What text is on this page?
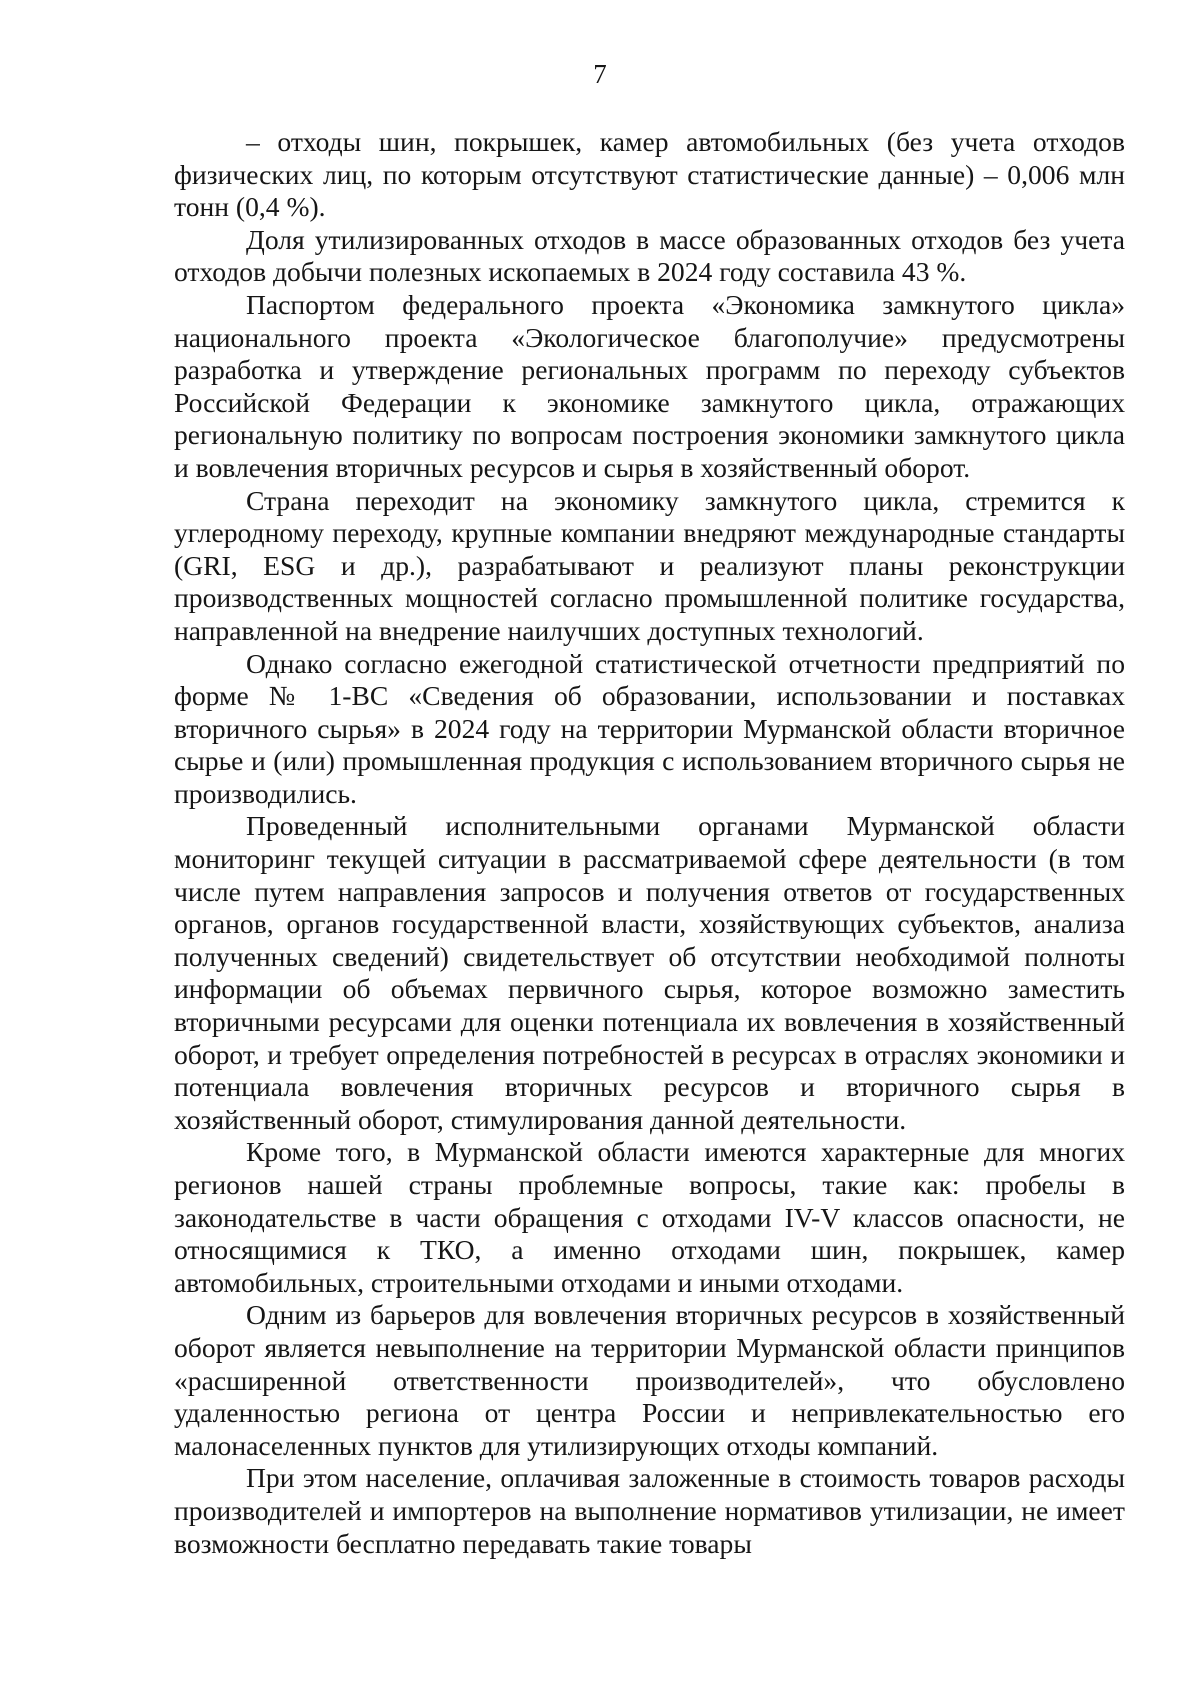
7

– отходы шин, покрышек, камер автомобильных (без учета отходов физических лиц, по которым отсутствуют статистические данные) – 0,006 млн тонн (0,4 %).

Доля утилизированных отходов в массе образованных отходов без учета отходов добычи полезных ископаемых в 2024 году составила 43 %.

Паспортом федерального проекта «Экономика замкнутого цикла» национального проекта «Экологическое благополучие» предусмотрены разработка и утверждение региональных программ по переходу субъектов Российской Федерации к экономике замкнутого цикла, отражающих региональную политику по вопросам построения экономики замкнутого цикла и вовлечения вторичных ресурсов и сырья в хозяйственный оборот.

Страна переходит на экономику замкнутого цикла, стремится к углеродному переходу, крупные компании внедряют международные стандарты (GRI, ESG и др.), разрабатывают и реализуют планы реконструкции производственных мощностей согласно промышленной политике государства, направленной на внедрение наилучших доступных технологий.

Однако согласно ежегодной статистической отчетности предприятий по форме № 1-ВС «Сведения об образовании, использовании и поставках вторичного сырья» в 2024 году на территории Мурманской области вторичное сырье и (или) промышленная продукция с использованием вторичного сырья не производились.

Проведенный исполнительными органами Мурманской области мониторинг текущей ситуации в рассматриваемой сфере деятельности (в том числе путем направления запросов и получения ответов от государственных органов, органов государственной власти, хозяйствующих субъектов, анализа полученных сведений) свидетельствует об отсутствии необходимой полноты информации об объемах первичного сырья, которое возможно заместить вторичными ресурсами для оценки потенциала их вовлечения в хозяйственный оборот, и требует определения потребностей в ресурсах в отраслях экономики и потенциала вовлечения вторичных ресурсов и вторичного сырья в хозяйственный оборот, стимулирования данной деятельности.

Кроме того, в Мурманской области имеются характерные для многих регионов нашей страны проблемные вопросы, такие как: пробелы в законодательстве в части обращения с отходами IV-V классов опасности, не относящимися к ТКО, а именно отходами шин, покрышек, камер автомобильных, строительными отходами и иными отходами.

Одним из барьеров для вовлечения вторичных ресурсов в хозяйственный оборот является невыполнение на территории Мурманской области принципов «расширенной ответственности производителей», что обусловлено удаленностью региона от центра России и непривлекательностью его малонаселенных пунктов для утилизирующих отходы компаний.

При этом население, оплачивая заложенные в стоимость товаров расходы производителей и импортеров на выполнение нормативов утилизации, не имеет возможности бесплатно передавать такие товары
